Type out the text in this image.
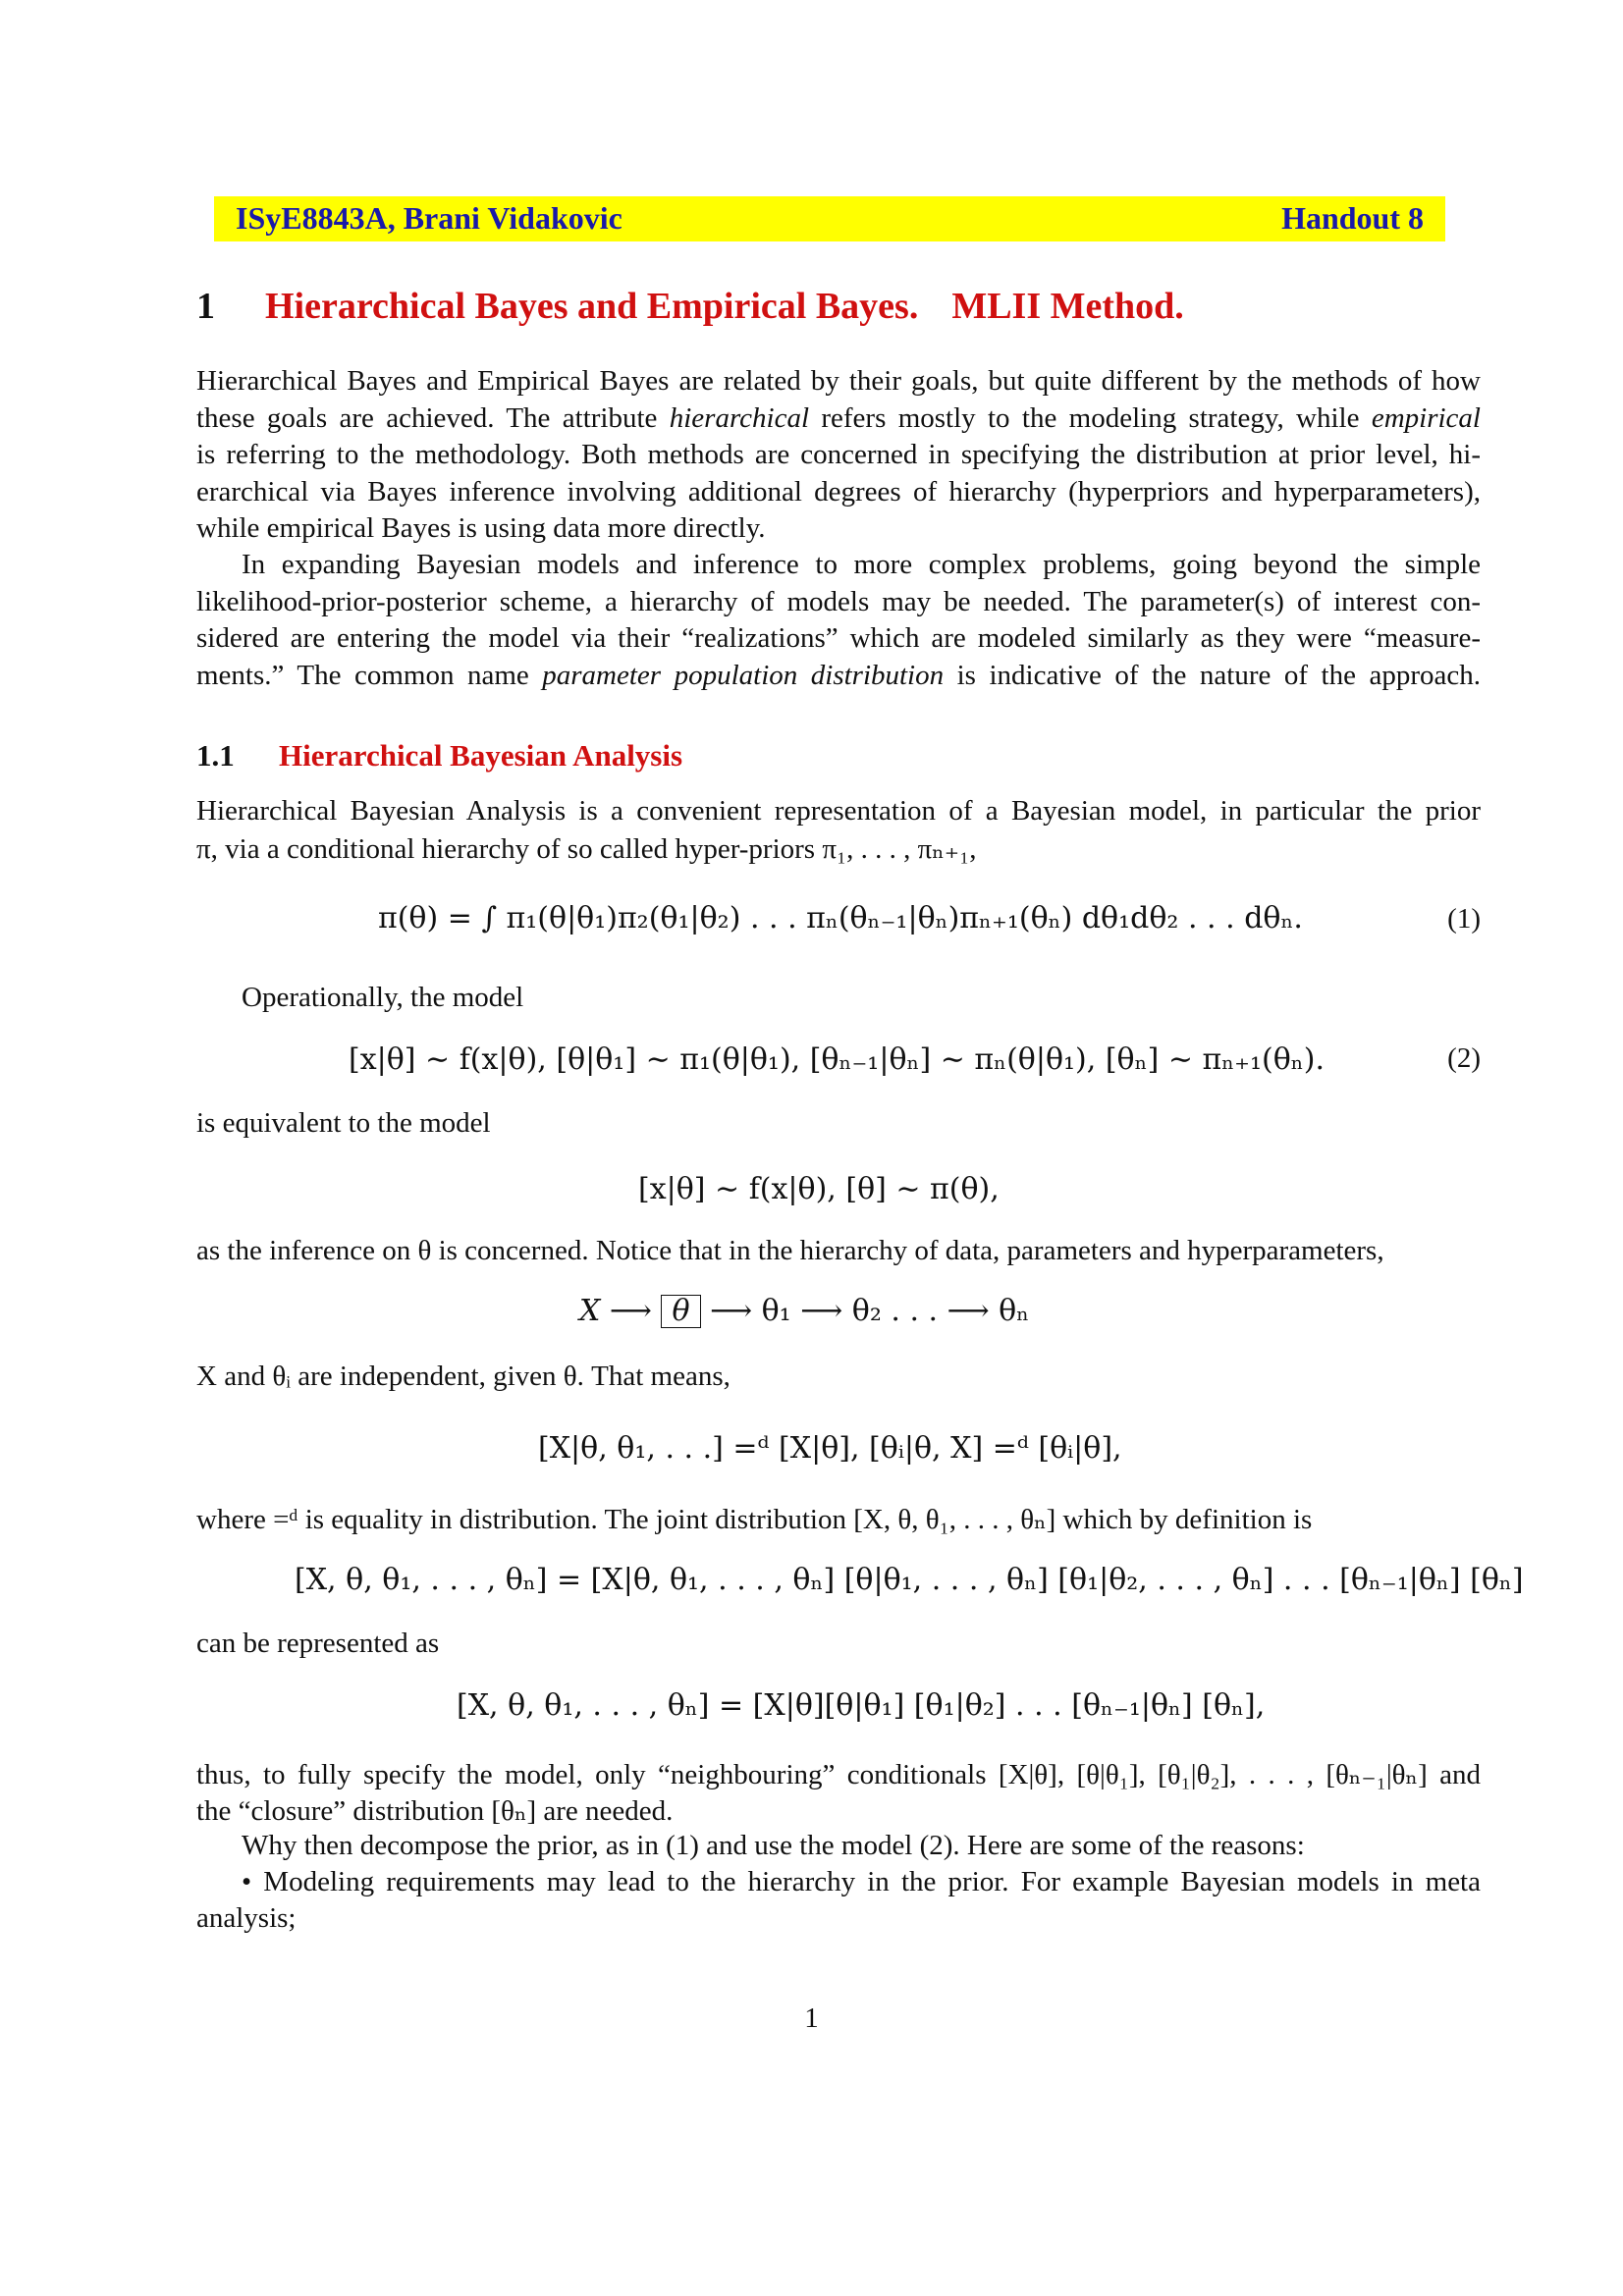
ISyE8843A, Brani Vidakovic	Handout 8
1 Hierarchical Bayes and Empirical Bayes. MLII Method.
Hierarchical Bayes and Empirical Bayes are related by their goals, but quite different by the methods of how
these goals are achieved. The attribute hierarchical refers mostly to the modeling strategy, while empirical
is referring to the methodology. Both methods are concerned in specifying the distribution at prior level, hi-
erarchical via Bayes inference involving additional degrees of hierarchy (hyperpriors and hyperparameters),
while empirical Bayes is using data more directly.
In expanding Bayesian models and inference to more complex problems, going beyond the simple
likelihood-prior-posterior scheme, a hierarchy of models may be needed. The parameter(s) of interest con-
sidered are entering the model via their “realizations” which are modeled similarly as they were “measure-
ments.” The common name parameter population distribution is indicative of the nature of the approach.
1.1 Hierarchical Bayesian Analysis
Hierarchical Bayesian Analysis is a convenient representation of a Bayesian model, in particular the prior
π, via a conditional hierarchy of so called hyper-priors π₁, . . . , πₙ₊₁,
π(θ) = ∫ π₁(θ|θ₁)π₂(θ₁|θ₂) . . . πₙ(θₙ₋₁|θₙ)πₙ₊₁(θₙ) dθ₁dθ₂ . . . dθₙ.	(1)
Operationally, the model
[x|θ] ∼ f(x|θ), [θ|θ₁] ∼ π₁(θ|θ₁), [θₙ₋₁|θₙ] ∼ πₙ(θ|θ₁), [θₙ] ∼ πₙ₊₁(θₙ).	(2)
is equivalent to the model
[x|θ] ∼ f(x|θ), [θ] ∼ π(θ),
as the inference on θ is concerned. Notice that in the hierarchy of data, parameters and hyperparameters,
X ⟶ θ ⟶ θ₁ ⟶ θ₂ . . . ⟶ θₙ
X and θᵢ are independent, given θ. That means,
[X|θ, θ₁, . . .] =ᵈ [X|θ], [θᵢ|θ, X] =ᵈ [θᵢ|θ],
where =ᵈ is equality in distribution. The joint distribution [X, θ, θ₁, . . . , θₙ] which by definition is
[X, θ, θ₁, . . . , θₙ] = [X|θ, θ₁, . . . , θₙ] [θ|θ₁, . . . , θₙ] [θ₁|θ₂, . . . , θₙ] . . . [θₙ₋₁|θₙ] [θₙ]
can be represented as
[X, θ, θ₁, . . . , θₙ] = [X|θ][θ|θ₁] [θ₁|θ₂] . . . [θₙ₋₁|θₙ] [θₙ],
thus, to fully specify the model, only “neighbouring” conditionals [X|θ], [θ|θ₁], [θ₁|θ₂], . . . , [θₙ₋₁|θₙ] and
the “closure” distribution [θₙ] are needed.
Why then decompose the prior, as in (1) and use the model (2). Here are some of the reasons:
• Modeling requirements may lead to the hierarchy in the prior. For example Bayesian models in meta
analysis;
1
